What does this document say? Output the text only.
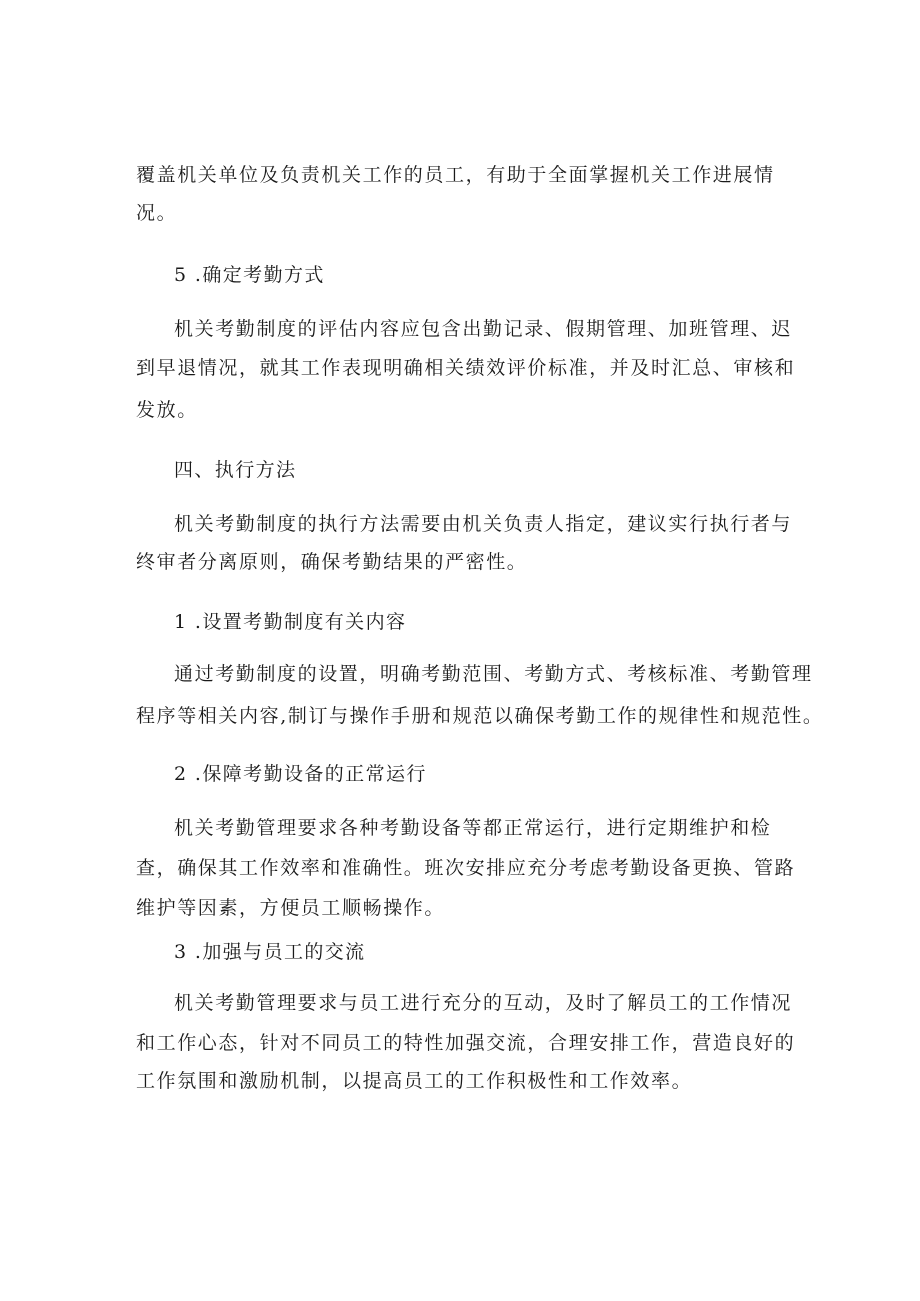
覆盖机关单位及负责机关工作的员工，有助于全面掌握机关工作进展情
况。
5 .确定考勤方式
机关考勤制度的评估内容应包含出勤记录、假期管理、加班管理、迟
到早退情况，就其工作表现明确相关绩效评价标准，并及时汇总、审核和
发放。
四、执行方法
机关考勤制度的执行方法需要由机关负责人指定，建议实行执行者与
终审者分离原则，确保考勤结果的严密性。
1 .设置考勤制度有关内容
通过考勤制度的设置，明确考勤范围、考勤方式、考核标准、考勤管理
程序等相关内容,制订与操作手册和规范以确保考勤工作的规律性和规范性。
2 .保障考勤设备的正常运行
机关考勤管理要求各种考勤设备等都正常运行，进行定期维护和检
查，确保其工作效率和准确性。班次安排应充分考虑考勤设备更换、管路
维护等因素，方便员工顺畅操作。
3 .加强与员工的交流
机关考勤管理要求与员工进行充分的互动，及时了解员工的工作情况
和工作心态，针对不同员工的特性加强交流，合理安排工作，营造良好的
工作氛围和激励机制，以提高员工的工作积极性和工作效率。
